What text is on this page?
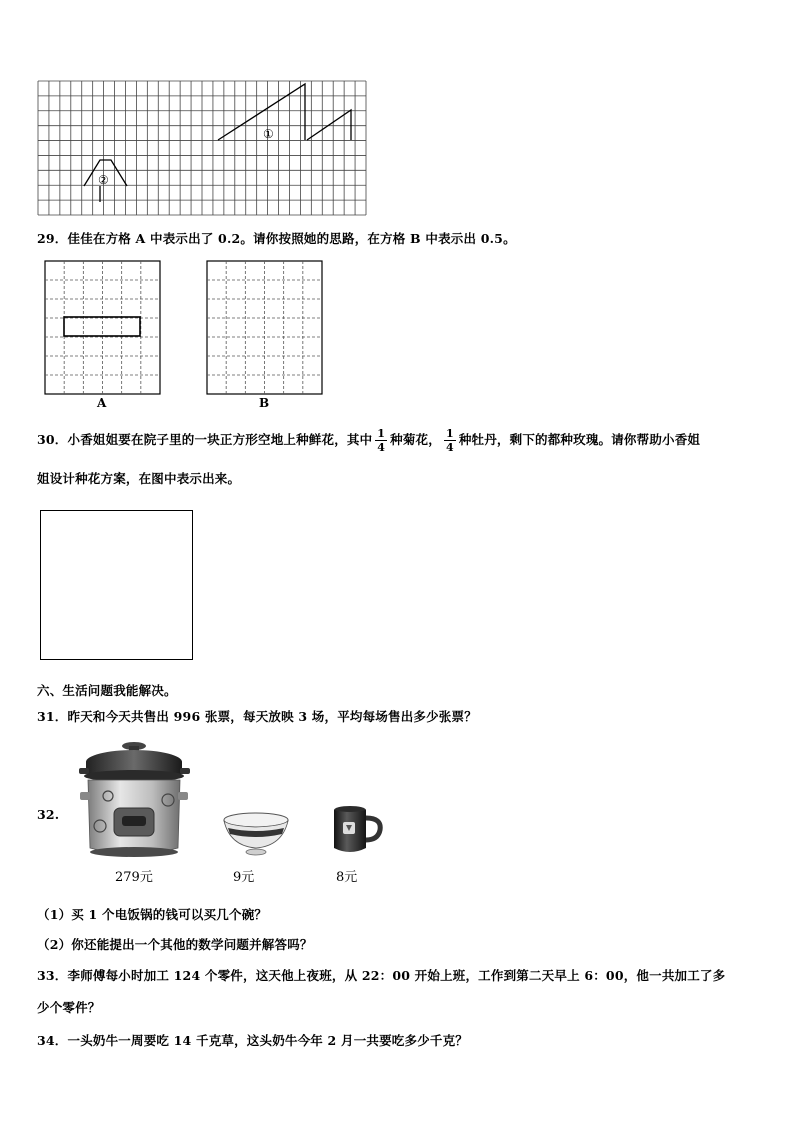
①
②
29．佳佳在方格 A 中表示出了 0.2。请你按照她的思路，在方格 B 中表示出 0.5。
A	B
30．小香姐姐要在院子里的一块正方形空地上种鲜花，其中 $\frac{1}{4}$ 种菊花， $\frac{1}{4}$ 种牡丹，剩下的都种玫瑰。请你帮助小香姐
姐设计种花方案，在图中表示出来。
六、生活问题我能解决。
31．昨天和今天共售出 996 张票，每天放映 3 场，平均每场售出多少张票？
32.
279元	9元	8元
（1）买 1 个电饭锅的钱可以买几个碗？
（2）你还能提出一个其他的数学问题并解答吗？
33．李师傅每小时加工 124 个零件，这天他上夜班，从 22：00 开始上班，工作到第二天早上 6：00，他一共加工了多
少个零件？
34．一头奶牛一周要吃 14 千克草，这头奶牛今年 2 月一共要吃多少千克？
